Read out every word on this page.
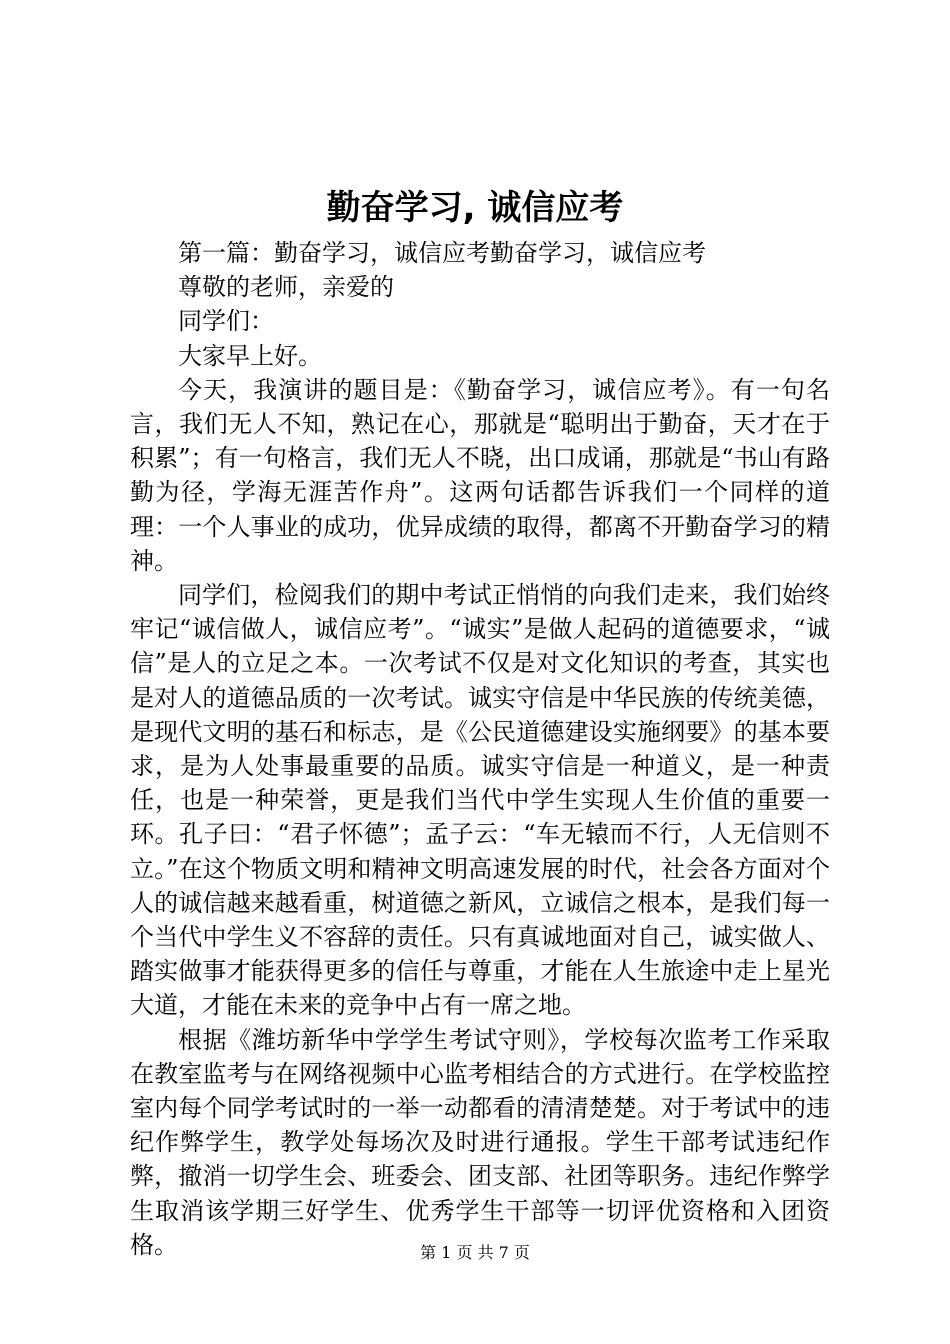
勤奋学习, 诚信应考

第一篇：勤奋学习，诚信应考勤奋学习，诚信应考

尊敬的老师，亲爱的

同学们：

大家早上好。

今天，我演讲的题目是：《勤奋学习，诚信应考》。有一句名言，我们无人不知，熟记在心，那就是“聪明出于勤奋，天才在于积累”；有一句格言，我们无人不晓，出口成诵，那就是“书山有路勤为径，学海无涯苦作舟”。这两句话都告诉我们一个同样的道理：一个人事业的成功，优异成绩的取得，都离不开勤奋学习的精神。

同学们，检阅我们的期中考试正悄悄的向我们走来，我们始终牢记“诚信做人，诚信应考”。“诚实”是做人起码的道德要求，“诚信”是人的立足之本。一次考试不仅是对文化知识的考查，其实也是对人的道德品质的一次考试。诚实守信是中华民族的传统美德，是现代文明的基石和标志，是《公民道德建设实施纲要》的基本要求，是为人处事最重要的品质。诚实守信是一种道义，是一种责任，也是一种荣誉，更是我们当代中学生实现人生价值的重要一环。孔子曰：“君子怀德”；孟子云：“车无辕而不行，人无信则不立。”在这个物质文明和精神文明高速发展的时代，社会各方面对个人的诚信越来越看重，树道德之新风，立诚信之根本，是我们每一个当代中学生义不容辞的责任。只有真诚地面对自己，诚实做人、踏实做事才能获得更多的信任与尊重，才能在人生旅途中走上星光大道，才能在未来的竞争中占有一席之地。

根据《潍坊新华中学学生考试守则》，学校每次监考工作采取在教室监考与在网络视频中心监考相结合的方式进行。在学校监控室内每个同学考试时的一举一动都看的清清楚楚。对于考试中的违纪作弊学生，教学处每场次及时进行通报。学生干部考试违纪作弊，撤消一切学生会、班委会、团支部、社团等职务。违纪作弊学生取消该学期三好学生、优秀学生干部等一切评优资格和入团资格。	第 1 页 共 7 页
